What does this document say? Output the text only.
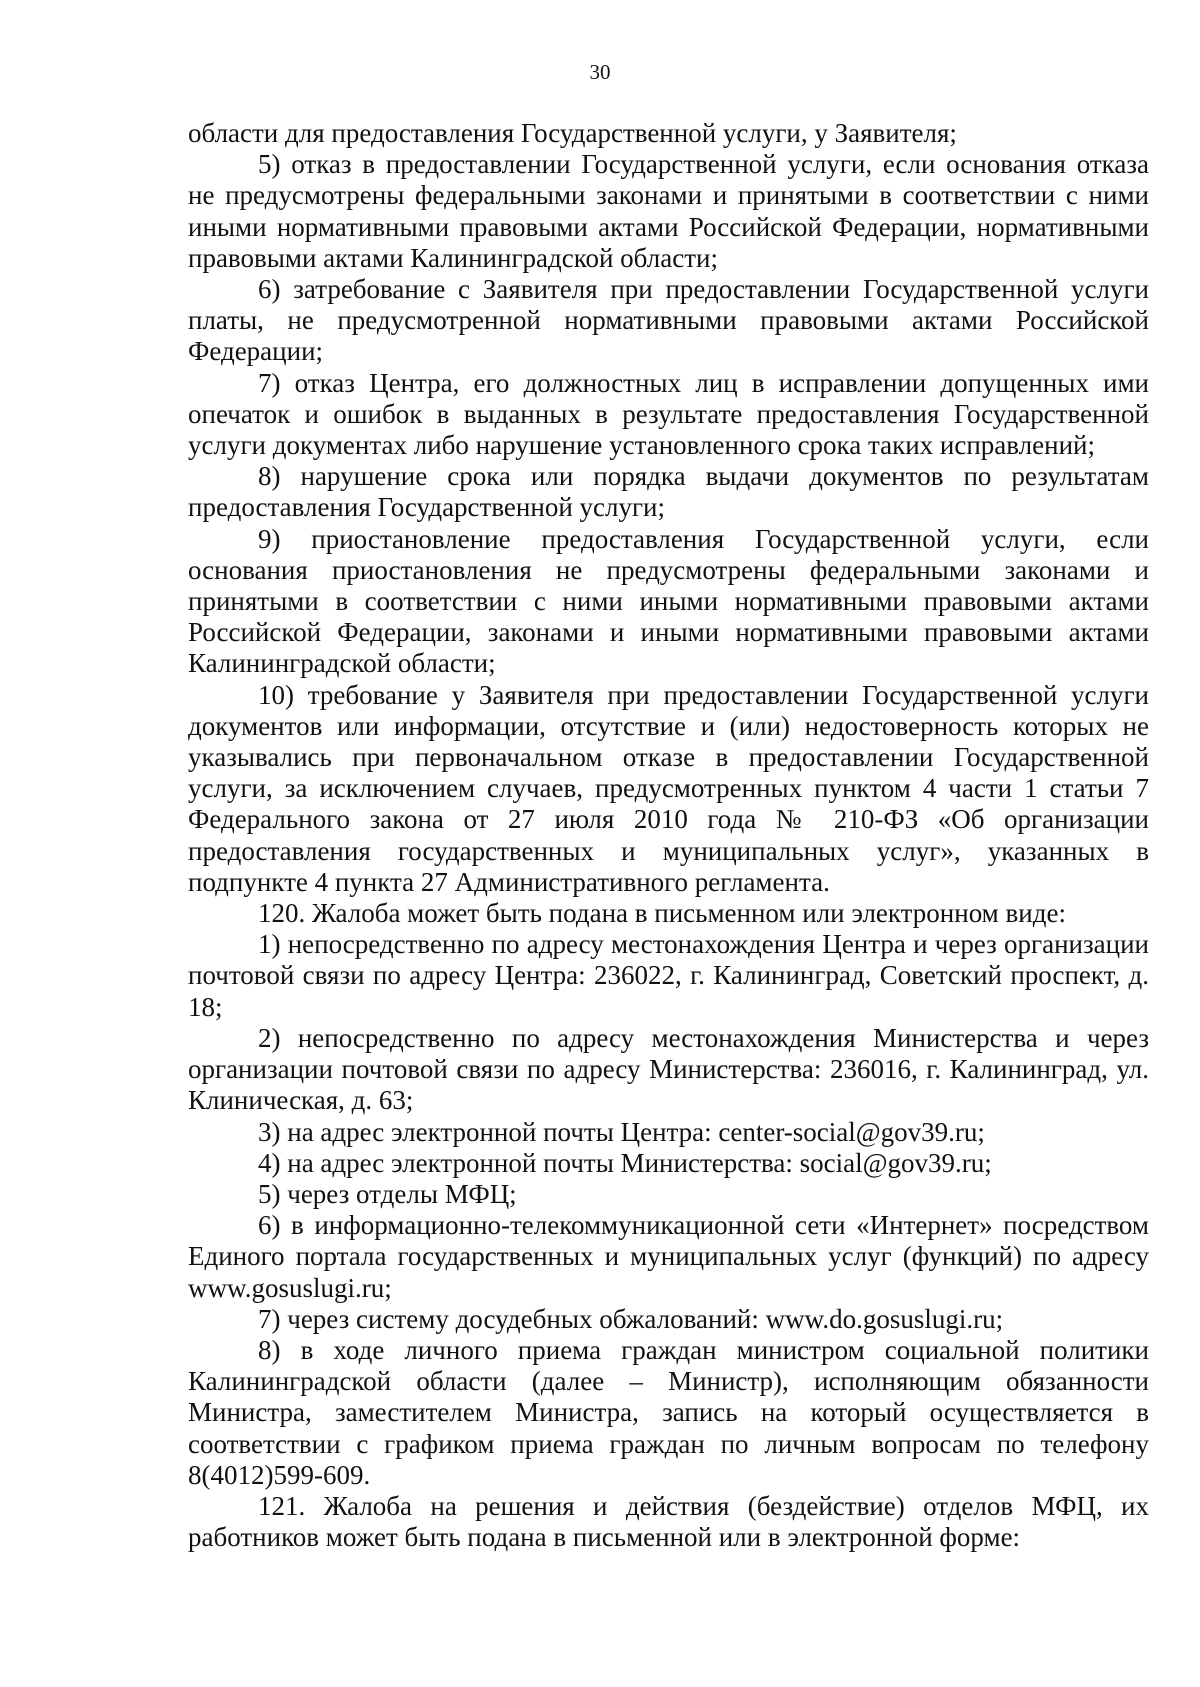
30

области для предоставления Государственной услуги, у Заявителя;

5) отказ в предоставлении Государственной услуги, если основания отказа не предусмотрены федеральными законами и принятыми в соответствии с ними иными нормативными правовыми актами Российской Федерации, нормативными правовыми актами Калининградской области;

6) затребование с Заявителя при предоставлении Государственной услуги платы, не предусмотренной нормативными правовыми актами Российской Федерации;

7) отказ Центра, его должностных лиц в исправлении допущенных ими опечаток и ошибок в выданных в результате предоставления Государственной услуги документах либо нарушение установленного срока таких исправлений;

8) нарушение срока или порядка выдачи документов по результатам предоставления Государственной услуги;

9) приостановление предоставления Государственной услуги, если основания приостановления не предусмотрены федеральными законами и принятыми в соответствии с ними иными нормативными правовыми актами Российской Федерации, законами и иными нормативными правовыми актами Калининградской области;

10) требование у Заявителя при предоставлении Государственной услуги документов или информации, отсутствие и (или) недостоверность которых не указывались при первоначальном отказе в предоставлении Государственной услуги, за исключением случаев, предусмотренных пунктом 4 части 1 статьи 7 Федерального закона от 27 июля 2010 года № 210-ФЗ «Об организации предоставления государственных и муниципальных услуг», указанных в подпункте 4 пункта 27 Административного регламента.

120. Жалоба может быть подана в письменном или электронном виде:

1) непосредственно по адресу местонахождения Центра и через организации почтовой связи по адресу Центра: 236022, г. Калининград, Советский проспект, д. 18;

2) непосредственно по адресу местонахождения Министерства и через организации почтовой связи по адресу Министерства: 236016, г. Калининград, ул. Клиническая, д. 63;

3) на адрес электронной почты Центра: center-social@gov39.ru;

4) на адрес электронной почты Министерства: social@gov39.ru;

5) через отделы МФЦ;

6) в информационно-телекоммуникационной сети «Интернет» посредством Единого портала государственных и муниципальных услуг (функций) по адресу www.gosuslugi.ru;

7) через систему досудебных обжалований: www.do.gosuslugi.ru;

8) в ходе личного приема граждан министром социальной политики Калининградской области (далее – Министр), исполняющим обязанности Министра, заместителем Министра, запись на который осуществляется в соответствии с графиком приема граждан по личным вопросам по телефону 8(4012)599-609.

121. Жалоба на решения и действия (бездействие) отделов МФЦ, их работников может быть подана в письменной или в электронной форме:
